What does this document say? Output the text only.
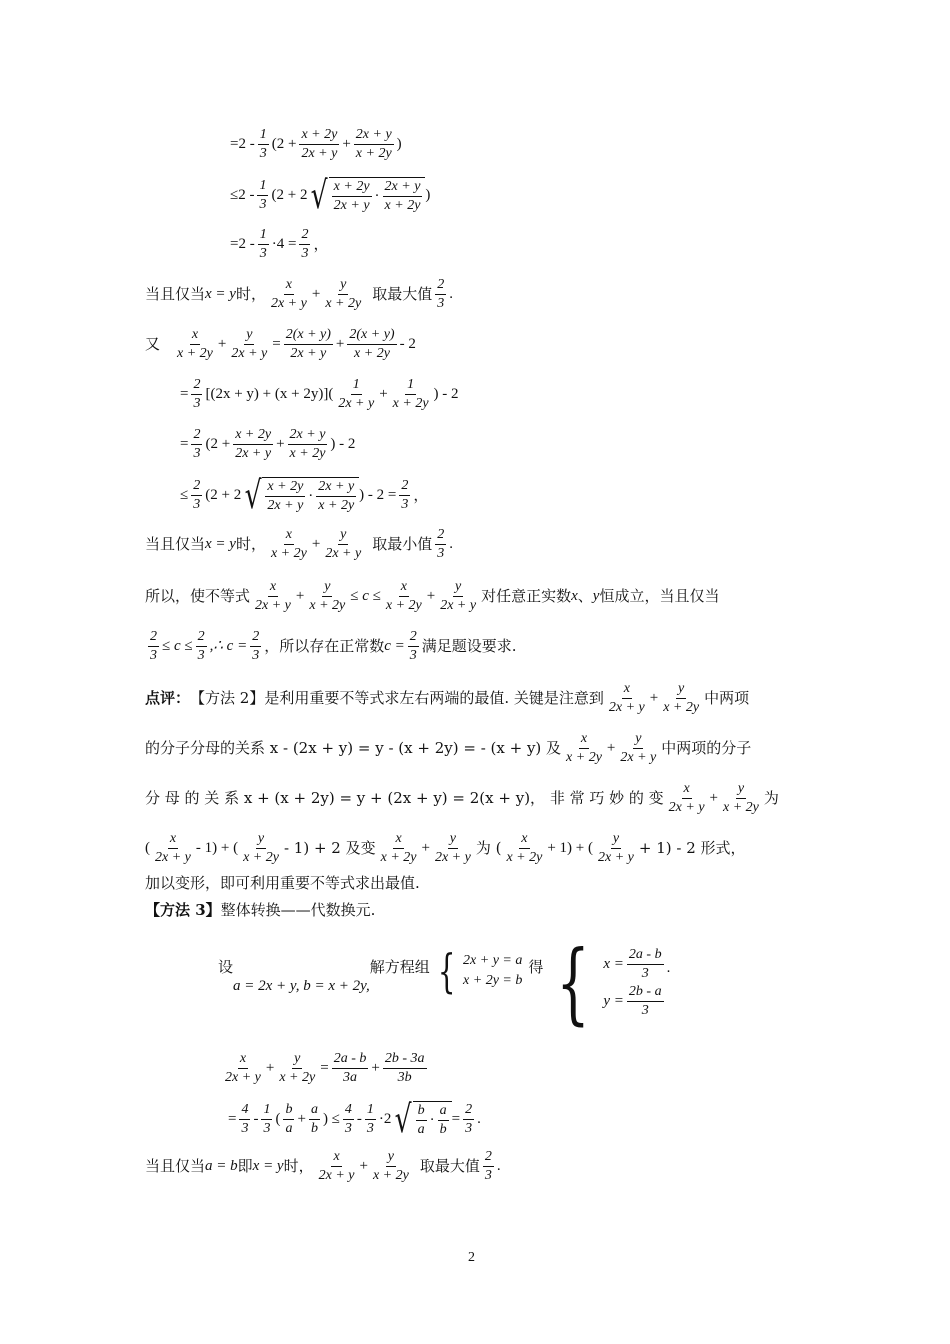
$=2 - \frac{1}{3} (2 + \frac{x + 2y}{2x + y} + \frac{2x + y}{x + 2y}$ )
$\le 2 - \frac{1}{3} (2 + 2$ √ $\frac{x + 2y}{2x + y} \cdot \frac{2x + y}{x + 2y}$ )
$=2 - \frac{1}{3} \cdot 4 = \frac{2}{3}$ ，
当且仅当 x = y 时， $\frac{x}{2x + y} + \frac{y}{x + 2y}$ 取最大值 $\frac{2}{3}$ .
又 $\frac{x}{x + 2y} + \frac{y}{2x + y} = \frac{2(x + y)}{2x + y} + \frac{2(x + y)}{x + 2y} - 2$
= $\frac{2}{3} [(2x + y) + (x + 2y)]( \frac{1}{2x + y} + \frac{1}{x + 2y}$ ) - 2
= $\frac{2}{3} (2 + \frac{x + 2y}{2x + y} + \frac{2x + y}{x + 2y}$ ) - 2
≤ $\frac{2}{3} (2 + 2$ √ $\frac{x + 2y}{2x + y} \cdot \frac{2x + y}{x + 2y}$ ) - $2 = \frac{2}{3}$ ，
当且仅当 x = y 时， $\frac{x}{x + 2y} + \frac{y}{2x + y}$ 取最小值 $\frac{2}{3}$ .
所以，使不等式 $\frac{x}{2x + y} + \frac{y}{x + 2y} \le c \le \frac{x}{x + 2y} + \frac{y}{2x + y}$ 对任意正实数 x 、 y 恒成立，当且仅当
$\frac{2}{3} \le c \le \frac{2}{3}$ ,∴ $c = \frac{2}{3}$ ，所以存在正常数 $c = \frac{2}{3}$ 满足题设要求.
点评： 【方法 2】是利用重要不等式求左右两端的最值. 关键是注意到 $\frac{x}{2x + y} + \frac{y}{x + 2y}$ 中两项
的分子分母的关系 x - (2x + y) = y - (x + 2y) = - (x + y) 及 $\frac{x}{x + 2y} + \frac{y}{2x + y}$ 中两项的分子
分 母 的 关 系 x + (x + 2y) = y + (2x + y) = 2(x + y)， 非 常 巧 妙 的 变 $\frac{x}{2x + y} + \frac{y}{x + 2y}$ 为
( $\frac{x}{2x + y} - 1$) + ( $\frac{y}{x + 2y} - 1) + 2$ 及变 $\frac{x}{x + 2y} + \frac{y}{2x + y}$ 为 ( $\frac{x}{x + 2y} + 1$) + ( $\frac{y}{2x + y} + 1) - 2$ 形式，
加以变形，即可利用重要不等式求出最值.
【方法 3】 整体转换——代数换元.
设
a = 2x + y, b = x + 2y,
解方程组 { 2x + y = a
x + 2y = b
得 { $x = \frac{2a - b}{3}$
$y = \frac{2b - a}{3}$
.
$\frac{x}{2x + y} + \frac{y}{x + 2y} = \frac{2a - b}{3a} + \frac{2b - 3a}{3b}$
= $\frac{4}{3} - \frac{1}{3}$ ( $\frac{b}{a} + \frac{a}{b}$ ) ≤ $\frac{4}{3} - \frac{1}{3} \cdot 2$ √ $\frac{b}{a} \cdot \frac{a}{b} = \frac{2}{3}$ .
当且仅当 a = b 即 x = y 时， $\frac{x}{2x + y} + \frac{y}{x + 2y}$ 取最大值 $\frac{2}{3}$ .
2
